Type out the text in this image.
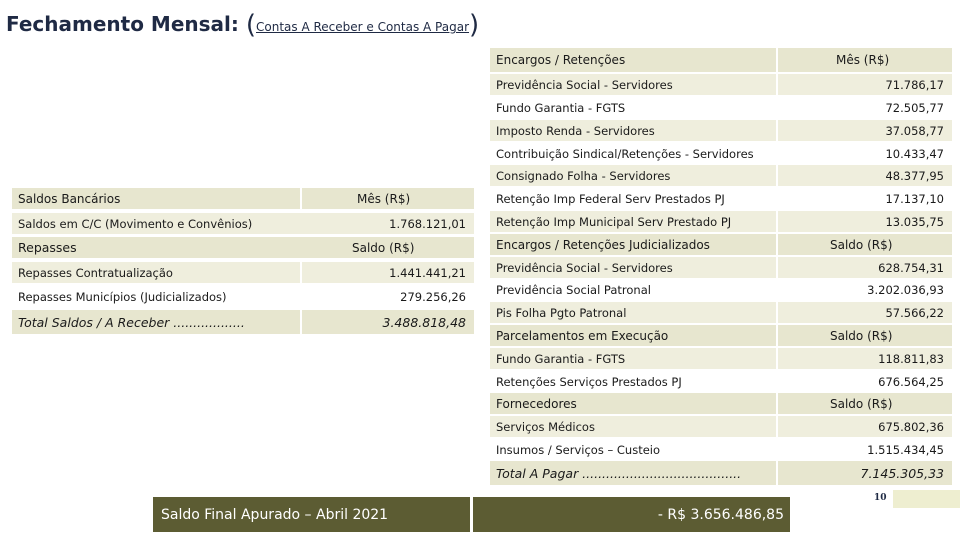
Fechamento Mensal: (Contas A Receber e Contas A Pagar)
Saldos Bancários	Mês (R$)
Saldos em C/C (Movimento e Convênios)	1.768.121,01
Repasses	Saldo (R$)
Repasses Contratualização	1.441.441,21
Repasses Municípios (Judicializados)	279.256,26
Total Saldos / A Receber ..................	3.488.818,48
Encargos / Retenções	Mês (R$)
Previdência Social - Servidores	71.786,17
Fundo Garantia - FGTS	72.505,77
Imposto Renda - Servidores	37.058,77
Contribuição Sindical/Retenções - Servidores	10.433,47
Consignado Folha - Servidores	48.377,95
Retenção Imp Federal Serv Prestados PJ	17.137,10
Retenção Imp Municipal Serv Prestado PJ	13.035,75
Encargos / Retenções Judicializados	Saldo (R$)
Previdência Social - Servidores	628.754,31
Previdência Social Patronal	3.202.036,93
Pis Folha Pgto Patronal	57.566,22
Parcelamentos em Execução	Saldo (R$)
Fundo Garantia - FGTS	118.811,83
Retenções Serviços Prestados PJ	676.564,25
Fornecedores	Saldo (R$)
Serviços Médicos	675.802,36
Insumos / Serviços – Custeio	1.515.434,45
Total A Pagar ........................................	7.145.305,33
Saldo Final Apurado – Abril 2021	- R$ 3.656.486,85
10
